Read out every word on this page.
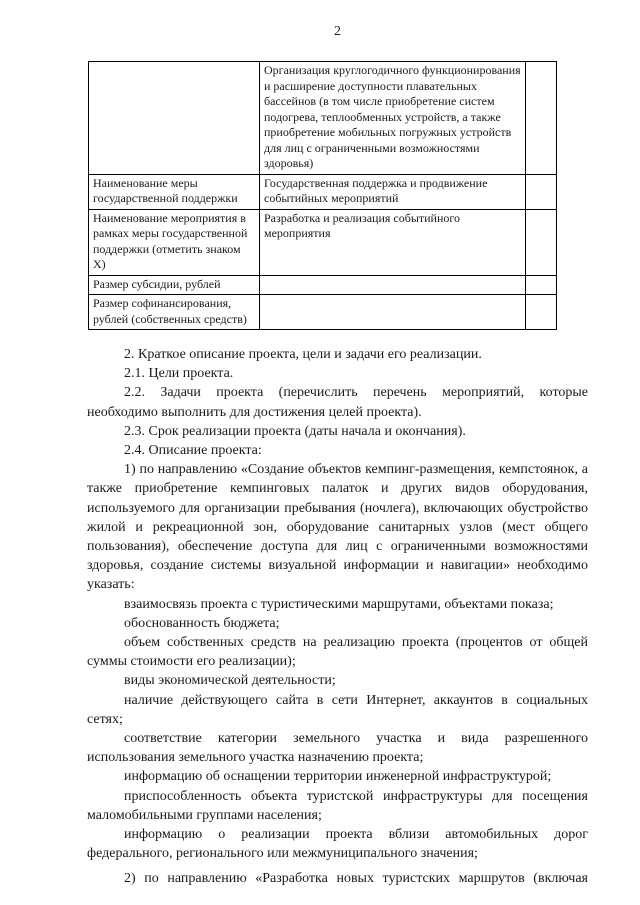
2
	Организация круглогодичного функционирования и расширение доступности плавательных бассейнов (в том числе приобретение систем подогрева, теплообменных устройств, а также приобретение мобильных погружных устройств для лиц с ограниченными возможностями здоровья)	
Наименование меры государственной поддержки	Государственная поддержка и продвижение событийных мероприятий	
Наименование мероприятия в рамках меры государственной поддержки (отметить знаком X)	Разработка и реализация событийного мероприятия	
Размер субсидии, рублей		
Размер софинансирования, рублей (собственных средств)		

2. Краткое описание проекта, цели и задачи его реализации.

2.1. Цели проекта.

2.2. Задачи проекта (перечислить перечень мероприятий, которые необходимо выполнить для достижения целей проекта).

2.3. Срок реализации проекта (даты начала и окончания).

2.4. Описание проекта:

1) по направлению «Создание объектов кемпинг-размещения, кемпстоянок, а также приобретение кемпинговых палаток и других видов оборудования, используемого для организации пребывания (ночлега), включающих обустройство жилой и рекреационной зон, оборудование санитарных узлов (мест общего пользования), обеспечение доступа для лиц с ограниченными возможностями здоровья, создание системы визуальной информации и навигации» необходимо указать:

взаимосвязь проекта с туристическими маршрутами, объектами показа;

обоснованность бюджета;

объем собственных средств на реализацию проекта (процентов от общей суммы стоимости его реализации);

виды экономической деятельности;

наличие действующего сайта в сети Интернет, аккаунтов в социальных сетях;

соответствие категории земельного участка и вида разрешенного использования земельного участка назначению проекта;

информацию об оснащении территории инженерной инфраструктурой;

приспособленность объекта туристской инфраструктуры для посещения маломобильными группами населения;

информацию о реализации проекта вблизи автомобильных дорог федерального, регионального или межмуниципального значения;

2) по направлению «Разработка новых туристских маршрутов (включая
